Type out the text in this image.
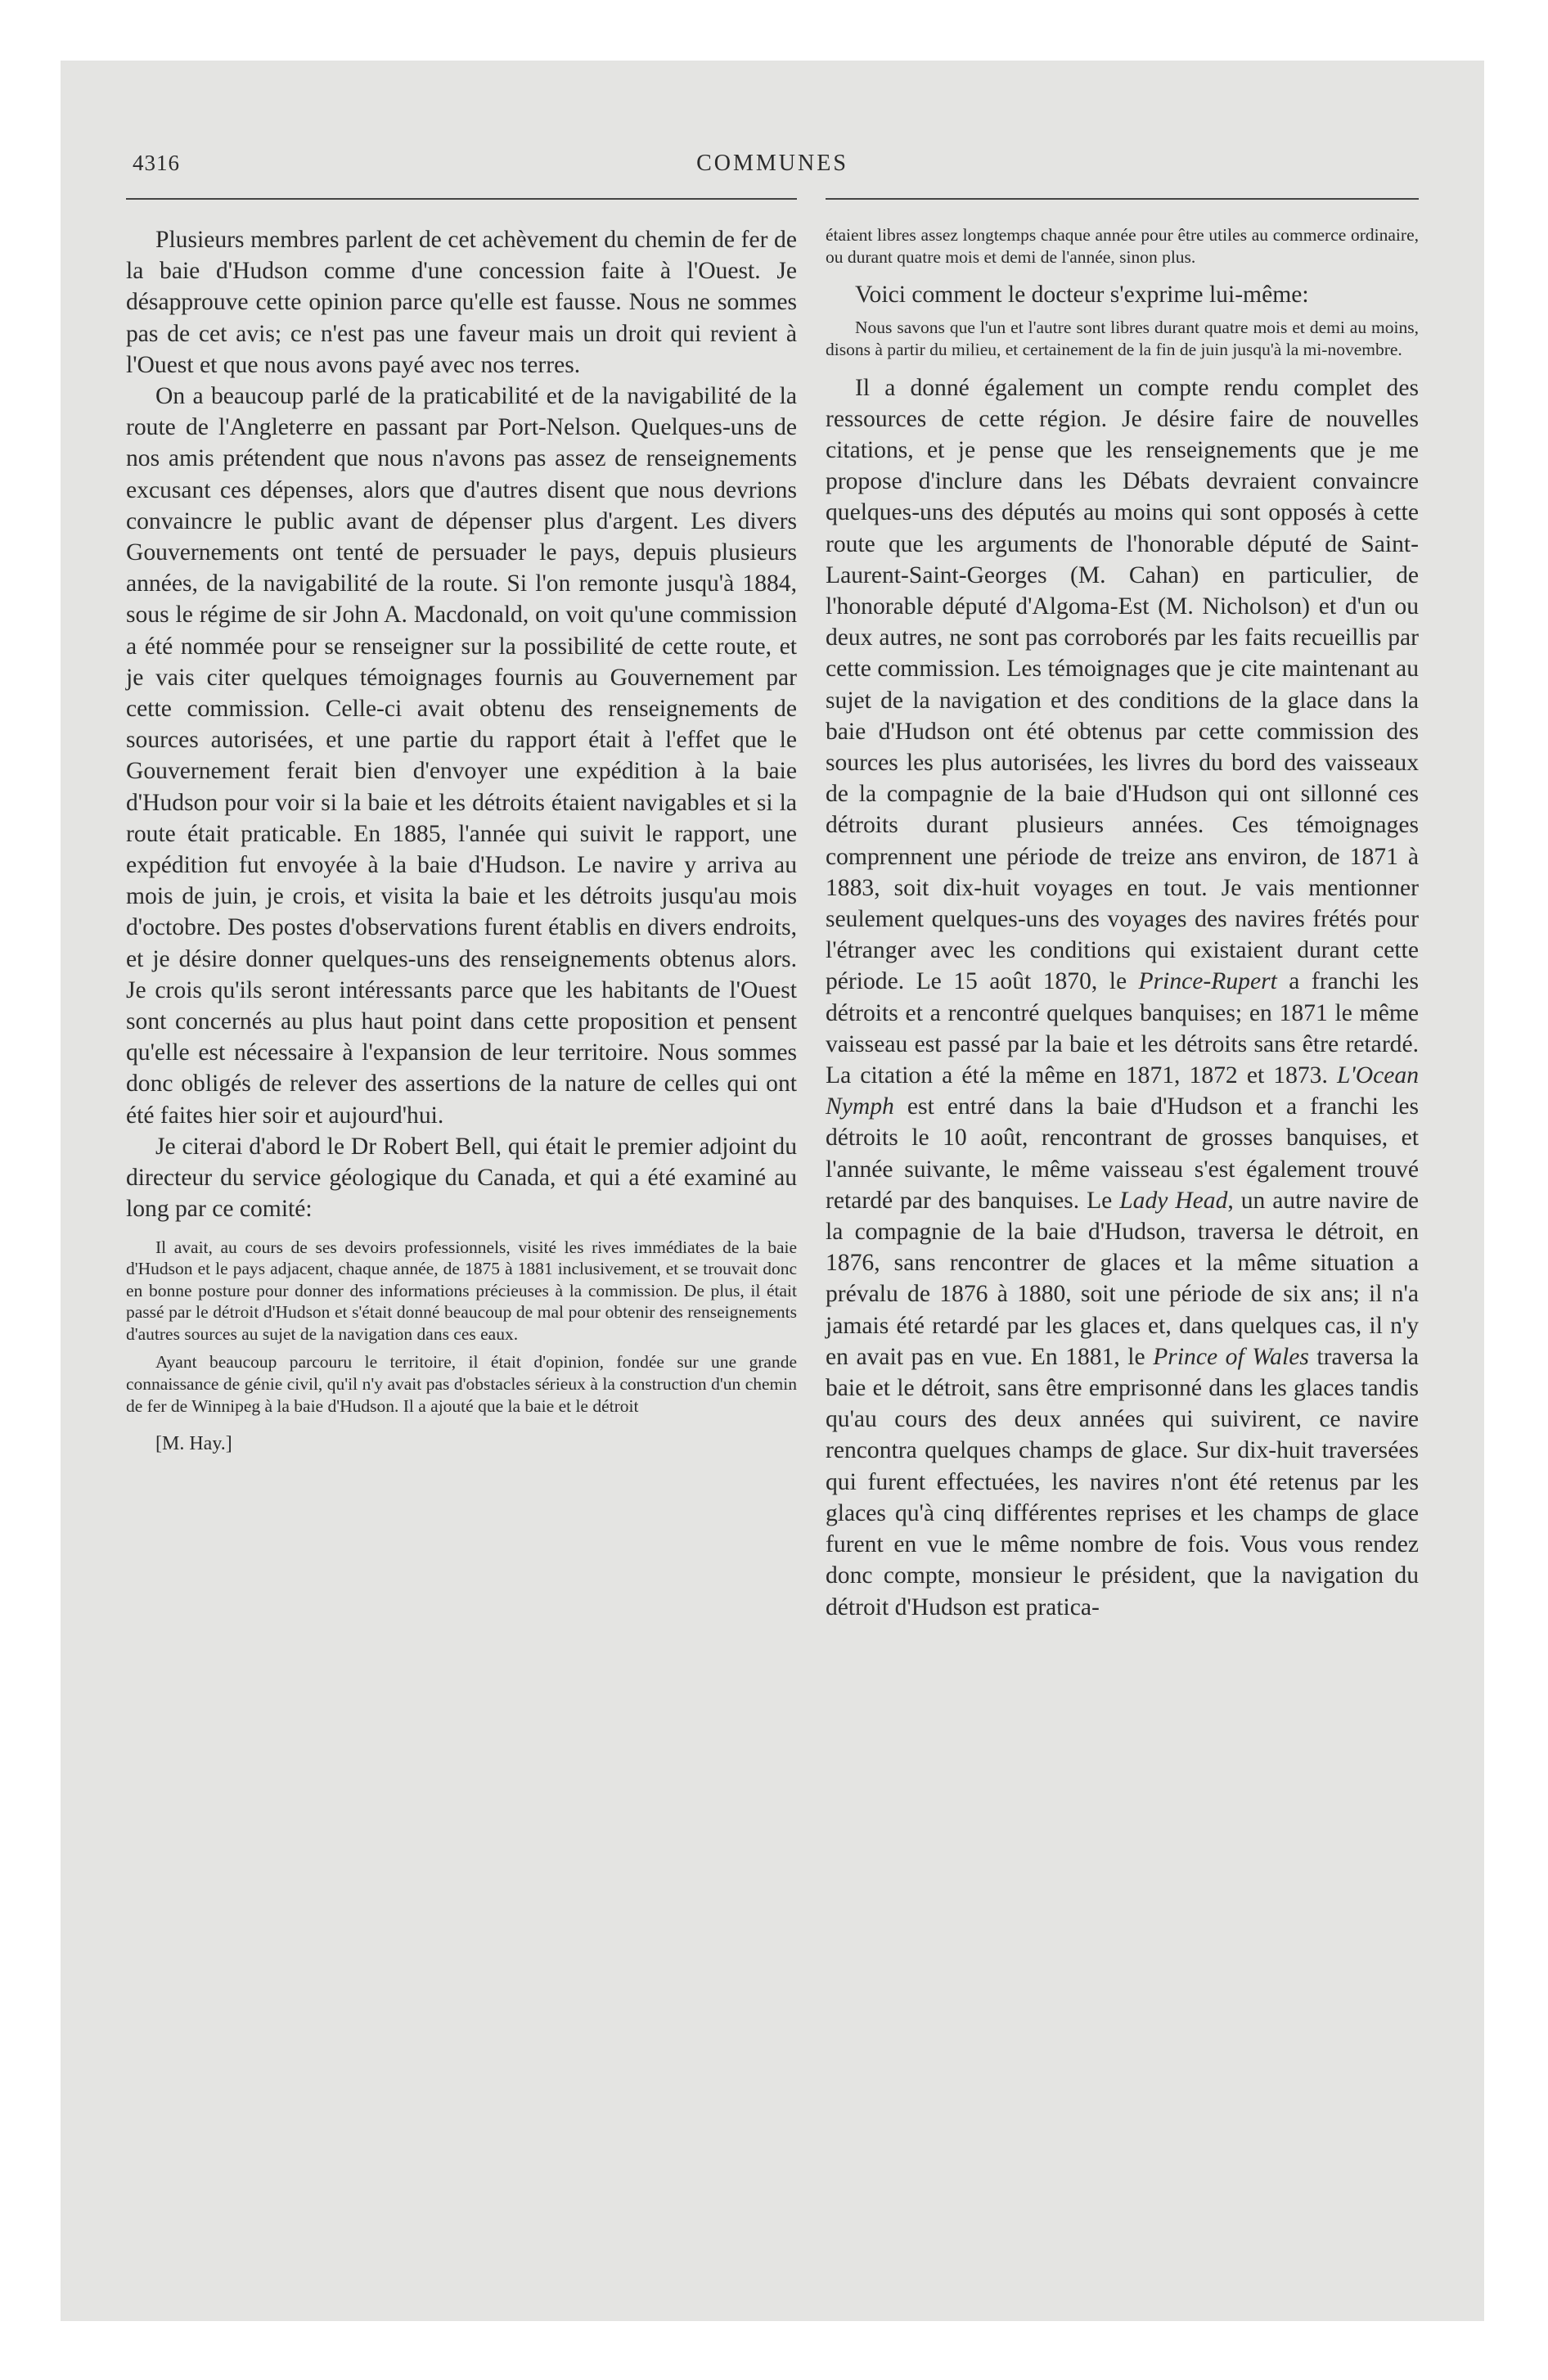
4316	COMMUNES

Plusieurs membres parlent de cet achèvement du chemin de fer de la baie d'Hudson comme d'une concession faite à l'Ouest. Je désapprouve cette opinion parce qu'elle est fausse. Nous ne sommes pas de cet avis; ce n'est pas une faveur mais un droit qui revient à l'Ouest et que nous avons payé avec nos terres.

On a beaucoup parlé de la praticabilité et de la navigabilité de la route de l'Angleterre en passant par Port-Nelson. Quelques-uns de nos amis prétendent que nous n'avons pas assez de renseignements excusant ces dépenses, alors que d'autres disent que nous devrions convaincre le public avant de dépenser plus d'argent. Les divers Gouvernements ont tenté de persuader le pays, depuis plusieurs années, de la navigabilité de la route. Si l'on remonte jusqu'à 1884, sous le régime de sir John A. Macdonald, on voit qu'une commission a été nommée pour se renseigner sur la possibilité de cette route, et je vais citer quelques témoignages fournis au Gouvernement par cette commission. Celle-ci avait obtenu des renseignements de sources autorisées, et une partie du rapport était à l'effet que le Gouvernement ferait bien d'envoyer une expédition à la baie d'Hudson pour voir si la baie et les détroits étaient navigables et si la route était praticable. En 1885, l'année qui suivit le rapport, une expédition fut envoyée à la baie d'Hudson. Le navire y arriva au mois de juin, je crois, et visita la baie et les détroits jusqu'au mois d'octobre. Des postes d'observations furent établis en divers endroits, et je désire donner quelques-uns des renseignements obtenus alors. Je crois qu'ils seront intéressants parce que les habitants de l'Ouest sont concernés au plus haut point dans cette proposition et pensent qu'elle est nécessaire à l'expansion de leur territoire. Nous sommes donc obligés de relever des assertions de la nature de celles qui ont été faites hier soir et aujourd'hui.

Je citerai d'abord le Dr Robert Bell, qui était le premier adjoint du directeur du service géologique du Canada, et qui a été examiné au long par ce comité:

Il avait, au cours de ses devoirs professionnels, visité les rives immédiates de la baie d'Hudson et le pays adjacent, chaque année, de 1875 à 1881 inclusivement, et se trouvait donc en bonne posture pour donner des informations précieuses à la commission. De plus, il était passé par le détroit d'Hudson et s'était donné beaucoup de mal pour obtenir des renseignements d'autres sources au sujet de la navigation dans ces eaux.

Ayant beaucoup parcouru le territoire, il était d'opinion, fondée sur une grande connaissance de génie civil, qu'il n'y avait pas d'obstacles sérieux à la construction d'un chemin de fer de Winnipeg à la baie d'Hudson. Il a ajouté que la baie et le détroit

[M. Hay.]

étaient libres assez longtemps chaque année pour être utiles au commerce ordinaire, ou durant quatre mois et demi de l'année, sinon plus.

Voici comment le docteur s'exprime lui-même:

Nous savons que l'un et l'autre sont libres durant quatre mois et demi au moins, disons à partir du milieu, et certainement de la fin de juin jusqu'à la mi-novembre.

Il a donné également un compte rendu complet des ressources de cette région. Je désire faire de nouvelles citations, et je pense que les renseignements que je me propose d'inclure dans les Débats devraient convaincre quelques-uns des députés au moins qui sont opposés à cette route que les arguments de l'honorable député de Saint-Laurent-Saint-Georges (M. Cahan) en particulier, de l'honorable député d'Algoma-Est (M. Nicholson) et d'un ou deux autres, ne sont pas corroborés par les faits recueillis par cette commission. Les témoignages que je cite maintenant au sujet de la navigation et des conditions de la glace dans la baie d'Hudson ont été obtenus par cette commission des sources les plus autorisées, les livres du bord des vaisseaux de la compagnie de la baie d'Hudson qui ont sillonné ces détroits durant plusieurs années. Ces témoignages comprennent une période de treize ans environ, de 1871 à 1883, soit dix-huit voyages en tout. Je vais mentionner seulement quelques-uns des voyages des navires frétés pour l'étranger avec les conditions qui existaient durant cette période. Le 15 août 1870, le Prince-Rupert a franchi les détroits et a rencontré quelques banquises; en 1871 le même vaisseau est passé par la baie et les détroits sans être retardé. La citation a été la même en 1871, 1872 et 1873. L'Ocean Nymph est entré dans la baie d'Hudson et a franchi les détroits le 10 août, rencontrant de grosses banquises, et l'année suivante, le même vaisseau s'est également trouvé retardé par des banquises. Le Lady Head, un autre navire de la compagnie de la baie d'Hudson, traversa le détroit, en 1876, sans rencontrer de glaces et la même situation a prévalu de 1876 à 1880, soit une période de six ans; il n'a jamais été retardé par les glaces et, dans quelques cas, il n'y en avait pas en vue. En 1881, le Prince of Wales traversa la baie et le détroit, sans être emprisonné dans les glaces tandis qu'au cours des deux années qui suivirent, ce navire rencontra quelques champs de glace. Sur dix-huit traversées qui furent effectuées, les navires n'ont été retenus par les glaces qu'à cinq différentes reprises et les champs de glace furent en vue le même nombre de fois. Vous vous rendez donc compte, monsieur le président, que la navigation du détroit d'Hudson est pratica-
